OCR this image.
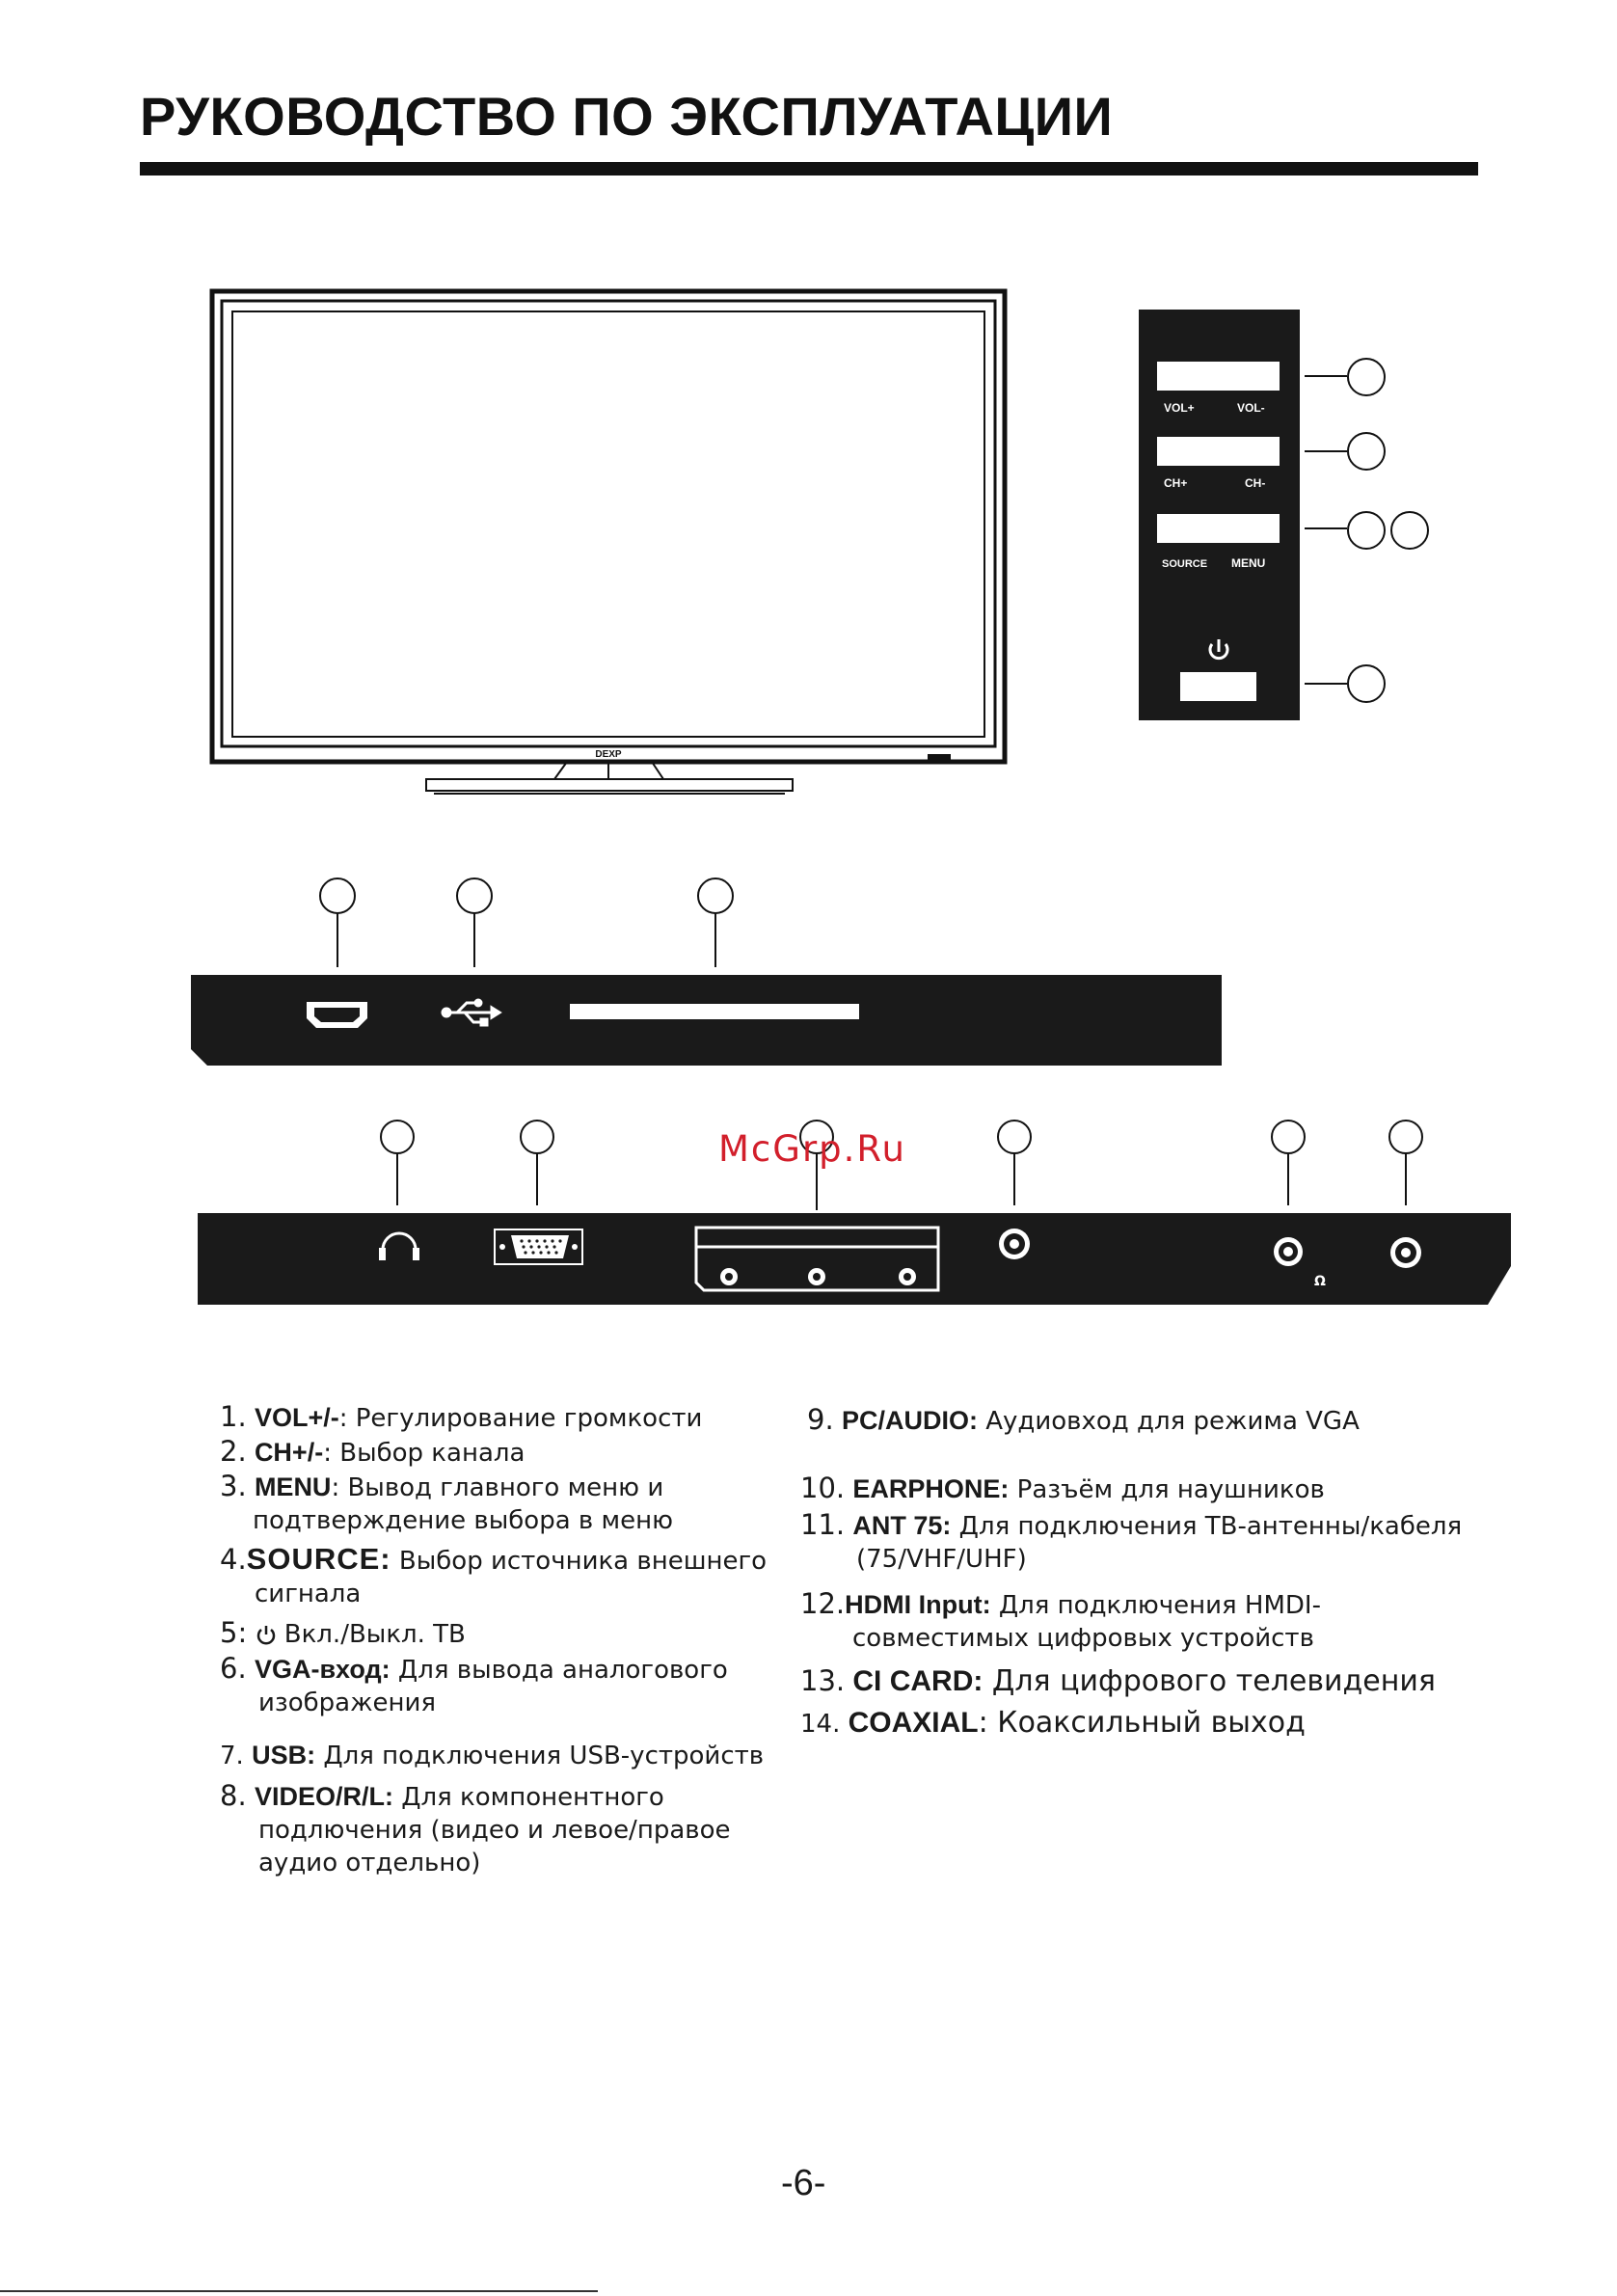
РУКОВОДСТВО ПО ЭКСПЛУАТАЦИИ
DEXP
VOL+	VOL-
CH+	CH-
SOURCE MENU
Ω
McGrp.Ru
1. VOL+/-: Регулирование громкости
2. CH+/-: Выбор канала
3. MENU: Вывод главного меню и
подтверждение выбора в меню
4.SOURCE: Выбор источника внешнего
сигнала
5:  Вкл./Выкл. ТВ
6. VGA-вход: Для вывода аналогового
изображения
7. USB: Для подключения USB-устройств
8. VIDEO/R/L: Для компонентного
подлючения (видео и левое/правое
аудио отдельно)
9. PC/AUDIO: Аудиовход для режима VGA
10. EARPHONE: Разъём для наушников
11. ANT 75: Для подключения ТВ-антенны/кабеля
(75/VHF/UHF)
12.HDMI Input: Для подключения HMDI-
совместимых цифровых устройств
13. CI CARD: Для цифрового телевидения
14. COAXIAL: Коаксильный выход
-6-
